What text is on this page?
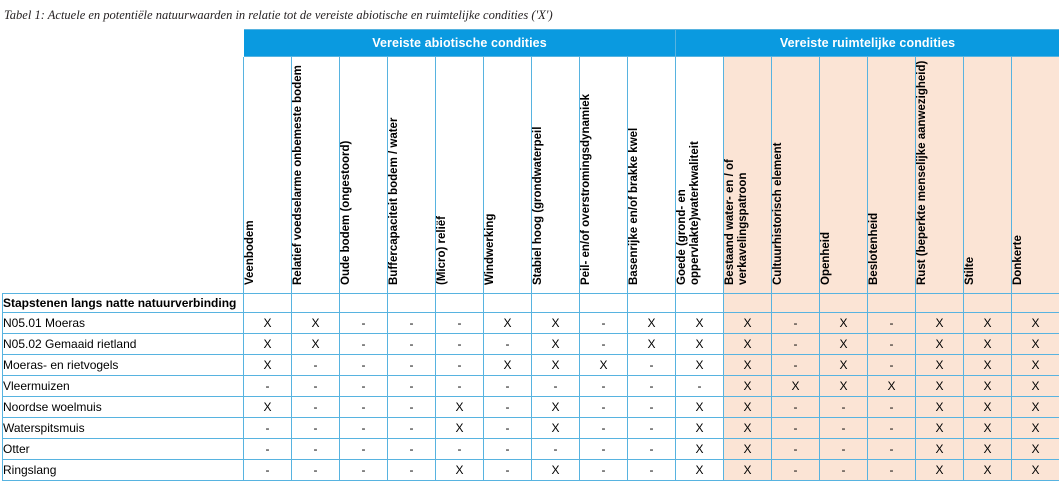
Tabel 1: Actuele en potentiële natuurwaarden in relatie tot de vereiste abiotische en ruimtelijke condities ('X')
	Vereiste abiotische condities									Vereiste ruimtelijke condities							

	Veenbodem	Relatief voedselarme onbemeste bodem	Oude bodem (ongestoord)	Buffercapaciteit bodem / water	(Micro) reliëf	Windwerking	Stabiel hoog (grondwaterpeil	Peil- en/of overstromingsdynamiek	Basenrijke en/of brakke kwel	Goede (grond- en oppervlakte)waterkwaliteit	Bestaand water- en / of verkavelingspatroon	Cultuurhistorisch element	Openheid	Beslotenheid	Rust (beperkte menselijke aanwezigheid)	Stilte	Donkerte

Stapstenen langs natte natuurverbinding																	
N05.01 Moeras	X	X	-	-	-	X	X	-	X	X	X	-	X	-	X	X	X
N05.02 Gemaaid rietland	X	X	-	-	-	-	X	-	X	X	X	-	X	-	X	X	X
Moeras- en rietvogels	X	-	-	-	-	X	X	X	-	X	X	-	X	-	X	X	X
Vleermuizen	-	-	-	-	-	-	-	-	-	-	X	X	X	X	X	X	X
Noordse woelmuis	X	-	-	-	X	-	X	-	-	X	X	-	-	-	X	X	X
Waterspitsmuis	-	-	-	-	X	-	X	-	-	X	X	-	-	-	X	X	X
Otter	-	-	-	-	-	-	-	-	-	X	X	-	-	-	X	X	X
Ringslang	-	-	-	-	X	-	X	-	-	X	X	-	-	-	X	X	X
